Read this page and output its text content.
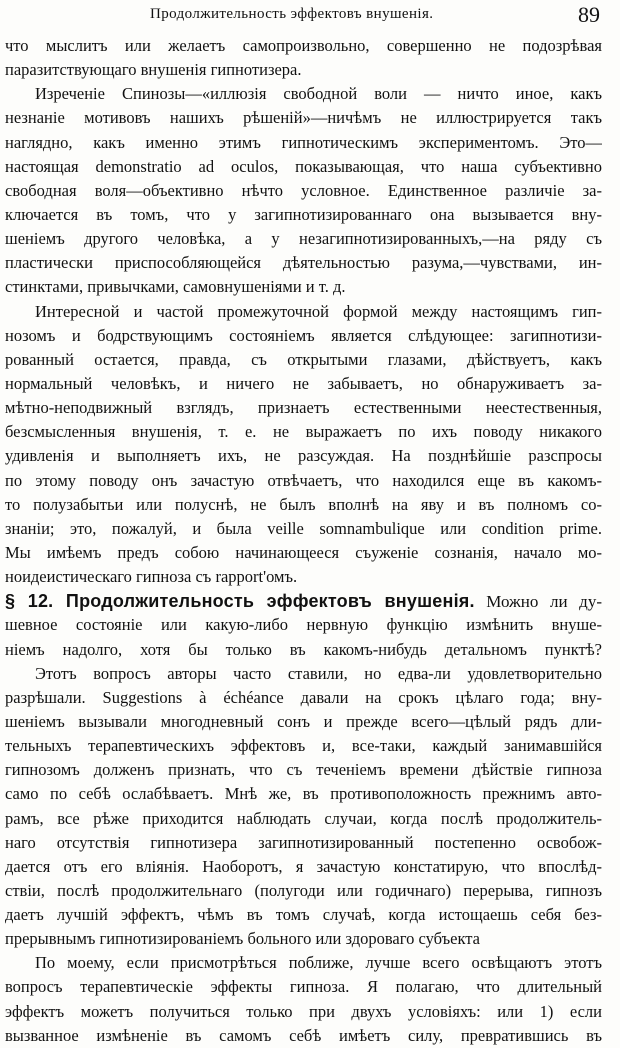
Продолжительность эффектовъ внушенія.	89
что мыслитъ или желаетъ самопроизвольно, совершенно не подозрѣвая
паразитствующаго внушенія гипнотизера.
Изреченіе Спинозы—«иллюзія свободной воли — ничто иное, какъ
незнаніе мотивовъ нашихъ рѣшеній»—ничѣмъ не иллюстрируется такъ
наглядно, какъ именно этимъ гипнотическимъ экспериментомъ. Это—
настоящая demonstratio ad oculos, показывающая, что наша субъективно
свободная воля—объективно нѣчто условное. Единственное различіе за-
ключается въ томъ, что у загипнотизированнаго она вызывается вну-
шеніемъ другого человѣка, а у незагипнотизированныхъ,—на ряду съ
пластически приспособляющейся дѣятельностью разума,—чувствами, ин-
стинктами, привычками, самовнушеніями и т. д.
Интересной и частой промежуточной формой между настоящимъ гип-
нозомъ и бодрствующимъ состояніемъ является слѣдующее: загипнотизи-
рованный остается, правда, съ открытыми глазами, дѣйствуетъ, какъ
нормальный человѣкъ, и ничего не забываетъ, но обнаруживаетъ за-
мѣтно-неподвижный взглядъ, признаетъ естественными неестественныя,
безсмысленныя внушенія, т. е. не выражаетъ по ихъ поводу никакого
удивленія и выполняетъ ихъ, не разсуждая. На позднѣйшіе разспросы
по этому поводу онъ зачастую отвѣчаетъ, что находился еще въ какомъ-
то полузабытьи или полуснѣ, не былъ вполнѣ на яву и въ полномъ со-
знаніи; это, пожалуй, и была veille somnambulique или condition prime.
Мы имѣемъ предъ собою начинающееся съуженіе сознанія, начало мо-
ноидеистическаго гипноза съ rapport'омъ.
§ 12. Продолжительность эффектовъ внушенія. Можно ли ду-
шевное состояніе или какую-либо нервную функцію измѣнить внуше-
ніемъ надолго, хотя бы только въ какомъ-нибудь детальномъ пунктѣ?
Этотъ вопросъ авторы часто ставили, но едва-ли удовлетворительно
разрѣшали. Suggestions à échéance давали на срокъ цѣлаго года; вну-
шеніемъ вызывали многодневный сонъ и прежде всего—цѣлый рядъ дли-
тельныхъ терапевтическихъ эффектовъ и, все-таки, каждый занимавшійся
гипнозомъ долженъ признать, что съ теченіемъ времени дѣйствіе гипноза
само по себѣ ослабѣваетъ. Мнѣ же, въ противоположность прежнимъ авто-
рамъ, все рѣже приходится наблюдать случаи, когда послѣ продолжитель-
наго отсутствія гипнотизера загипнотизированный постепенно освобож-
дается отъ его вліянія. Наоборотъ, я зачастую констатирую, что впослѣд-
ствіи, послѣ продолжительнаго (полугоди или годичнаго) перерыва, гипнозъ
даетъ лучшій эффектъ, чѣмъ въ томъ случаѣ, когда истощаешь себя без-
прерывнымъ гипнотизированіемъ больного или здороваго субъекта
По моему, если присмотрѣться поближе, лучше всего освѣщаютъ этотъ
вопросъ терапевтическіе эффекты гипноза. Я полагаю, что длительный
эффектъ можетъ получиться только при двухъ условіяхъ: или 1) если
вызванное измѣненіе въ самомъ себѣ имѣетъ силу, превратившись въ
